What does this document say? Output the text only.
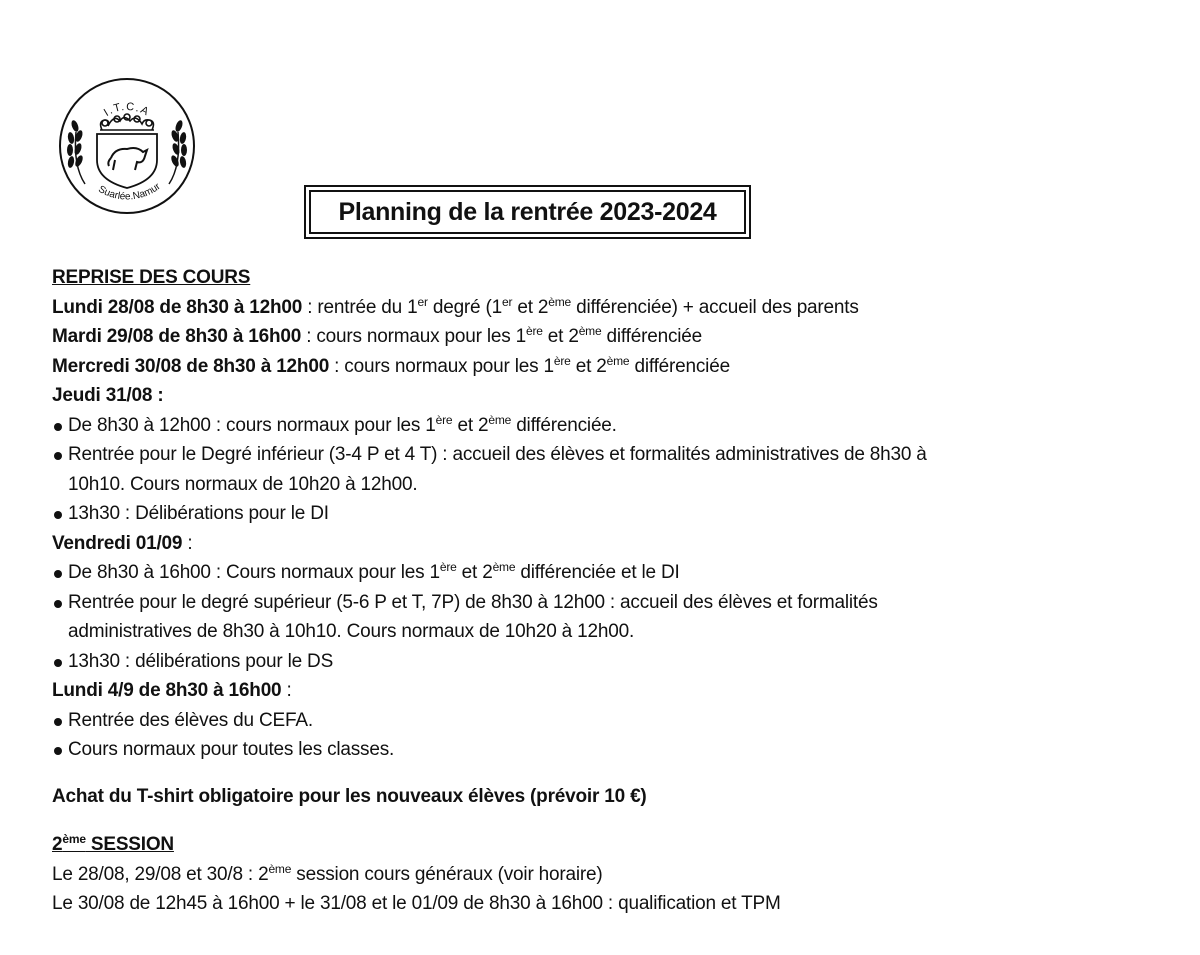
I.T.C.A
Suarlée.Namur
Planning de la rentrée 2023-2024
REPRISE DES COURS
Lundi 28/08 de 8h30 à 12h00 : rentrée du 1er degré (1er et 2ème différenciée) + accueil des parents
Mardi 29/08 de 8h30 à 16h00 : cours normaux pour les 1ère et 2ème différenciée
Mercredi 30/08 de 8h30 à 12h00 : cours normaux pour les 1ère et 2ème différenciée
Jeudi 31/08 :
De 8h30 à 12h00 : cours normaux pour les 1ère et 2ème différenciée.
Rentrée pour le Degré inférieur (3-4 P et 4 T) : accueil des élèves et formalités administratives de 8h30 à
10h10. Cours normaux de 10h20 à 12h00.
13h30 : Délibérations pour le DI
Vendredi 01/09 :
De 8h30 à 16h00 : Cours normaux pour les 1ère et 2ème différenciée et le DI
Rentrée pour le degré supérieur (5-6 P et T, 7P) de 8h30 à 12h00 : accueil des élèves et formalités
administratives de 8h30 à 10h10. Cours normaux de 10h20 à 12h00.
13h30 : délibérations pour le DS
Lundi 4/9 de 8h30 à 16h00 :
Rentrée des élèves du CEFA.
Cours normaux pour toutes les classes.
Achat du T-shirt obligatoire pour les nouveaux élèves (prévoir 10 €)
2ème SESSION
Le 28/08, 29/08 et 30/8 : 2ème session cours généraux (voir horaire)
Le 30/08 de 12h45 à 16h00 + le 31/08 et le 01/09 de 8h30 à 16h00 : qualification et TPM
